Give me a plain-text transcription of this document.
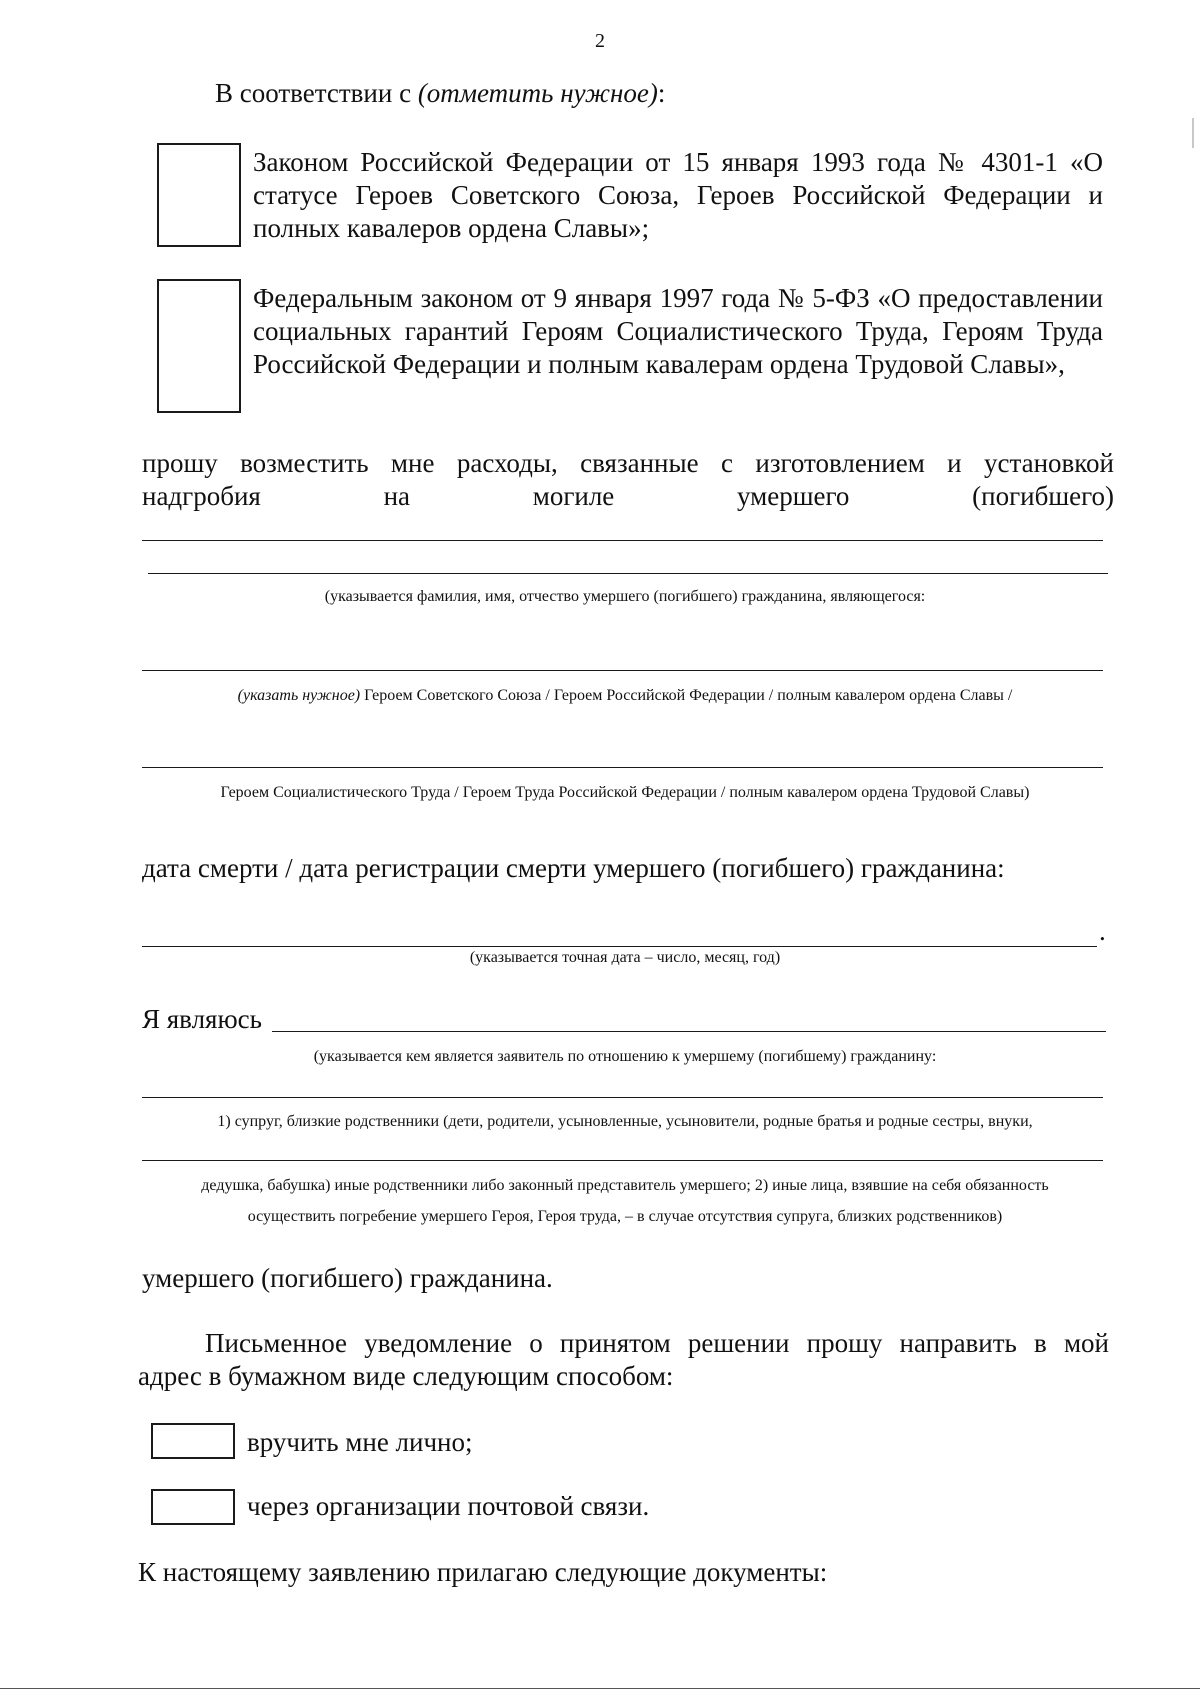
2
В соответствии с (отметить нужное):
Законом Российской Федерации от 15 января 1993 года № 4301-1 «О статусе Героев Советского Союза, Героев Российской Федерации и полных кавалеров ордена Славы»;
Федеральным законом от 9 января 1997 года № 5-ФЗ «О предоставлении социальных гарантий Героям Социалистического Труда, Героям Труда Российской Федерации и полным кавалерам ордена Трудовой Славы»,
прошу возместить мне расходы, связанные с изготовлением и установкой
надгробия на могиле умершего (погибшего)
(указывается фамилия, имя, отчество умершего (погибшего) гражданина, являющегося:
(указать нужное) Героем Советского Союза / Героем Российской Федерации / полным кавалером ордена Славы /
Героем Социалистического Труда / Героем Труда Российской Федерации / полным кавалером ордена Трудовой Славы)
дата смерти / дата регистрации смерти умершего (погибшего) гражданина:
.
(указывается точная дата – число, месяц, год)
Я являюсь
(указывается кем является заявитель по отношению к умершему (погибшему) гражданину:
1) супруг, близкие родственники (дети, родители, усыновленные, усыновители, родные братья и родные сестры, внуки,
дедушка, бабушка) иные родственники либо законный представитель умершего; 2) иные лица, взявшие на себя обязанность
осуществить погребение умершего Героя, Героя труда, – в случае отсутствия супруга, близких родственников)
умершего (погибшего) гражданина.
Письменное уведомление о принятом решении прошу направить в мой
адрес в бумажном виде следующим способом:
вручить мне лично;
через организации почтовой связи.
К настоящему заявлению прилагаю следующие документы:
